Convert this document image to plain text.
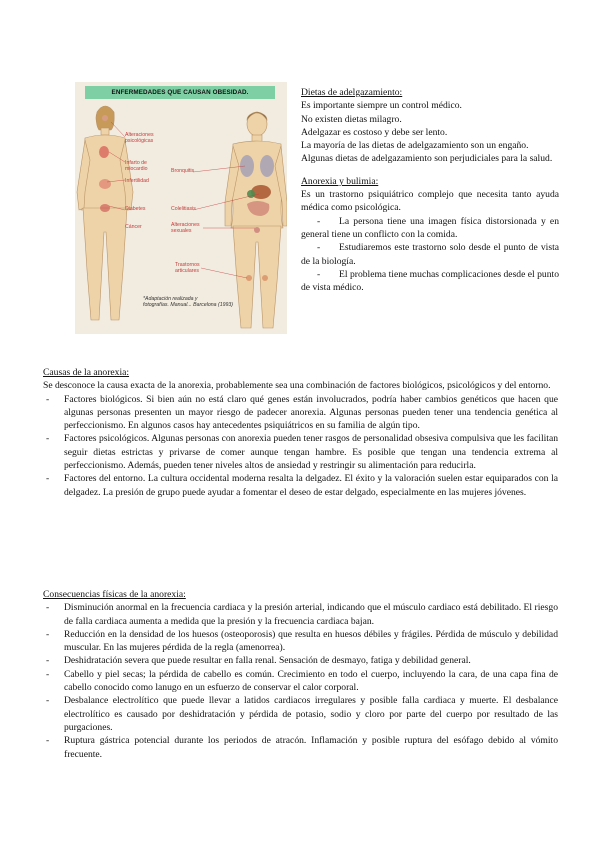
ENFERMEDADES QUE CAUSAN OBESIDAD.
Alteraciones
psicológicas
Infarto de
miocardio
Infertilidad
Diabetes
Cáncer
Bronquitis
Colelitiasis
Alteraciones
sexuales
Trastornos
articulares
*Adaptación realizada y
fotografías. Manual... Barcelona (1993)

Dietas de adelgazamiento:

Es importante siempre un control médico.

No existen dietas milagro.

Adelgazar es costoso y debe ser lento.

La mayoría de las dietas de adelgazamiento son un engaño.

Algunas dietas de adelgazamiento son perjudiciales para la salud.

Anorexia y bulimia:

Es un trastorno psiquiátrico complejo que necesita tanto ayuda médica como psicológica.

- La persona tiene una imagen física distorsionada y en general tiene un conflicto con la comida.

- Estudiaremos este trastorno solo desde el punto de vista de la biología.

- El problema tiene muchas complicaciones desde el punto de vista médico.

Causas de la anorexia:

Se desconoce la causa exacta de la anorexia, probablemente sea una combinación de factores biológicos, psicológicos y del entorno.

- Factores biológicos. Si bien aún no está claro qué genes están involucrados, podría haber cambios genéticos que hacen que algunas personas presenten un mayor riesgo de padecer anorexia. Algunas personas pueden tener una tendencia genética al perfeccionismo. En algunos casos hay antecedentes psiquiátricos en su familia de algún tipo.
- Factores psicológicos. Algunas personas con anorexia pueden tener rasgos de personalidad obsesiva compulsiva que les facilitan seguir dietas estrictas y privarse de comer aunque tengan hambre. Es posible que tengan una tendencia extrema al perfeccionismo. Además, pueden tener niveles altos de ansiedad y restringir su alimentación para reducirla.
- Factores del entorno. La cultura occidental moderna resalta la delgadez. El éxito y la valoración suelen estar equiparados con la delgadez. La presión de grupo puede ayudar a fomentar el deseo de estar delgado, especialmente en las mujeres jóvenes.

Consecuencias físicas de la anorexia:

- Disminución anormal en la frecuencia cardiaca y la presión arterial, indicando que el músculo cardiaco está debilitado. El riesgo de falla cardiaca aumenta a medida que la presión y la frecuencia cardiaca bajan.
- Reducción en la densidad de los huesos (osteoporosis) que resulta en huesos débiles y frágiles. Pérdida de músculo y debilidad muscular. En las mujeres pérdida de la regla (amenorrea).
- Deshidratación severa que puede resultar en falla renal. Sensación de desmayo, fatiga y debilidad general.
- Cabello y piel secas; la pérdida de cabello es común. Crecimiento en todo el cuerpo, incluyendo la cara, de una capa fina de cabello conocido como lanugo en un esfuerzo de conservar el calor corporal.
- Desbalance electrolítico que puede llevar a latidos cardiacos irregulares y posible falla cardiaca y muerte. El desbalance electrolítico es causado por deshidratación y pérdida de potasio, sodio y cloro por parte del cuerpo por resultado de las purgaciones.
- Ruptura gástrica potencial durante los periodos de atracón. Inflamación y posible ruptura del esófago debido al vómito frecuente.
